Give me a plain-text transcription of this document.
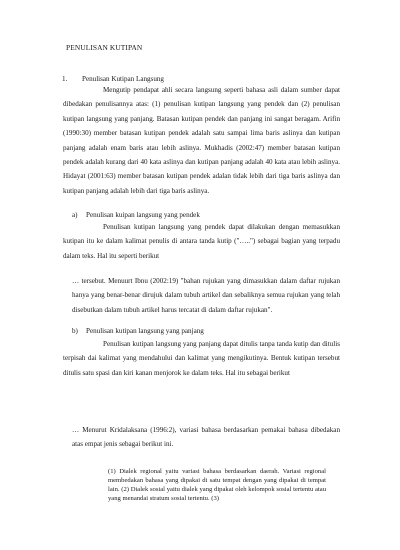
PENULISAN KUTIPAN
1. Penulisan Kutipan Langsung

Mengutip pendapat ahli secara langsung seperti bahasa asli dalam sumber dapat dibedakan penulisannya atas: (1) penulisan kutipan langsung yang pendek dan (2) penulisan kutipan langsung yang panjang. Batasan kutipan pendek dan panjang ini sangat beragam. Arifin (1990:30) member batasan kutipan pendek adalah satu sampai lima baris aslinya dan kutipan panjang adalah enam baris atau lebih aslinya. Mukhadis (2002:47) member batasan kutipan pendek adalah kurang dari 40 kata aslinya dan kutipan panjang adalah 40 kata atau lebih aslinya. Hidayat (2001:63) member batasan kutipan pendek adalan tidak lebih dari tiga baris aslinya dan kutipan panjang adalah lebih dari tiga baris aslinya.

a) Penulisan kuipan langsung yang pendek

Penulisan kutipan langsung yang pendek dapat dilakukan dengan memasukkan kutipan itu ke dalam kalimat penulis di antara tanda kutip ("…..") sebagai bagian yang terpadu dalam teks. Hal itu seperti berikut

… tersebut. Menuurt Ibnu (2002:19) "bahan rujukan yang dimasukkan dalam daftar rujukan hanya yang benar-benar dirujuk dalam tubuh artikel dan sebaliknya semua rujukan yang telah disebutkan dalam tubuh artikel harus tercatat di dalam daftar rujukan".

b) Penulisan kutipan langsung yang panjang

Penulisan kutipan langsung yang panjang dapat ditulis tanpa tanda kutip dan ditulis terpisah dai kalimat yang mendahului dan kalimat yang mengikutinya. Bentuk kutipan tersebut ditulis satu spasi dan kiri kanan menjorok ke dalam teks. Hal itu sebagai berikut

… Menurut Kridalaksana (1996:2), variasi bahasa berdasarkan pemakai bahasa dibedakan atas empat jenis sebagai berikut ini.

(1) Dialek regional yaitu variasi bahasa berdasarkan daerah. Variasi regional membedakan bahasa yang dipakai di satu tempat dengan yang dipakai di tempat lain. (2) Dialek sosial yaitu dialek yang dipakai oleh kelompok sosial tertentu atau yang menandai stratum sosial tertentu. (3)
